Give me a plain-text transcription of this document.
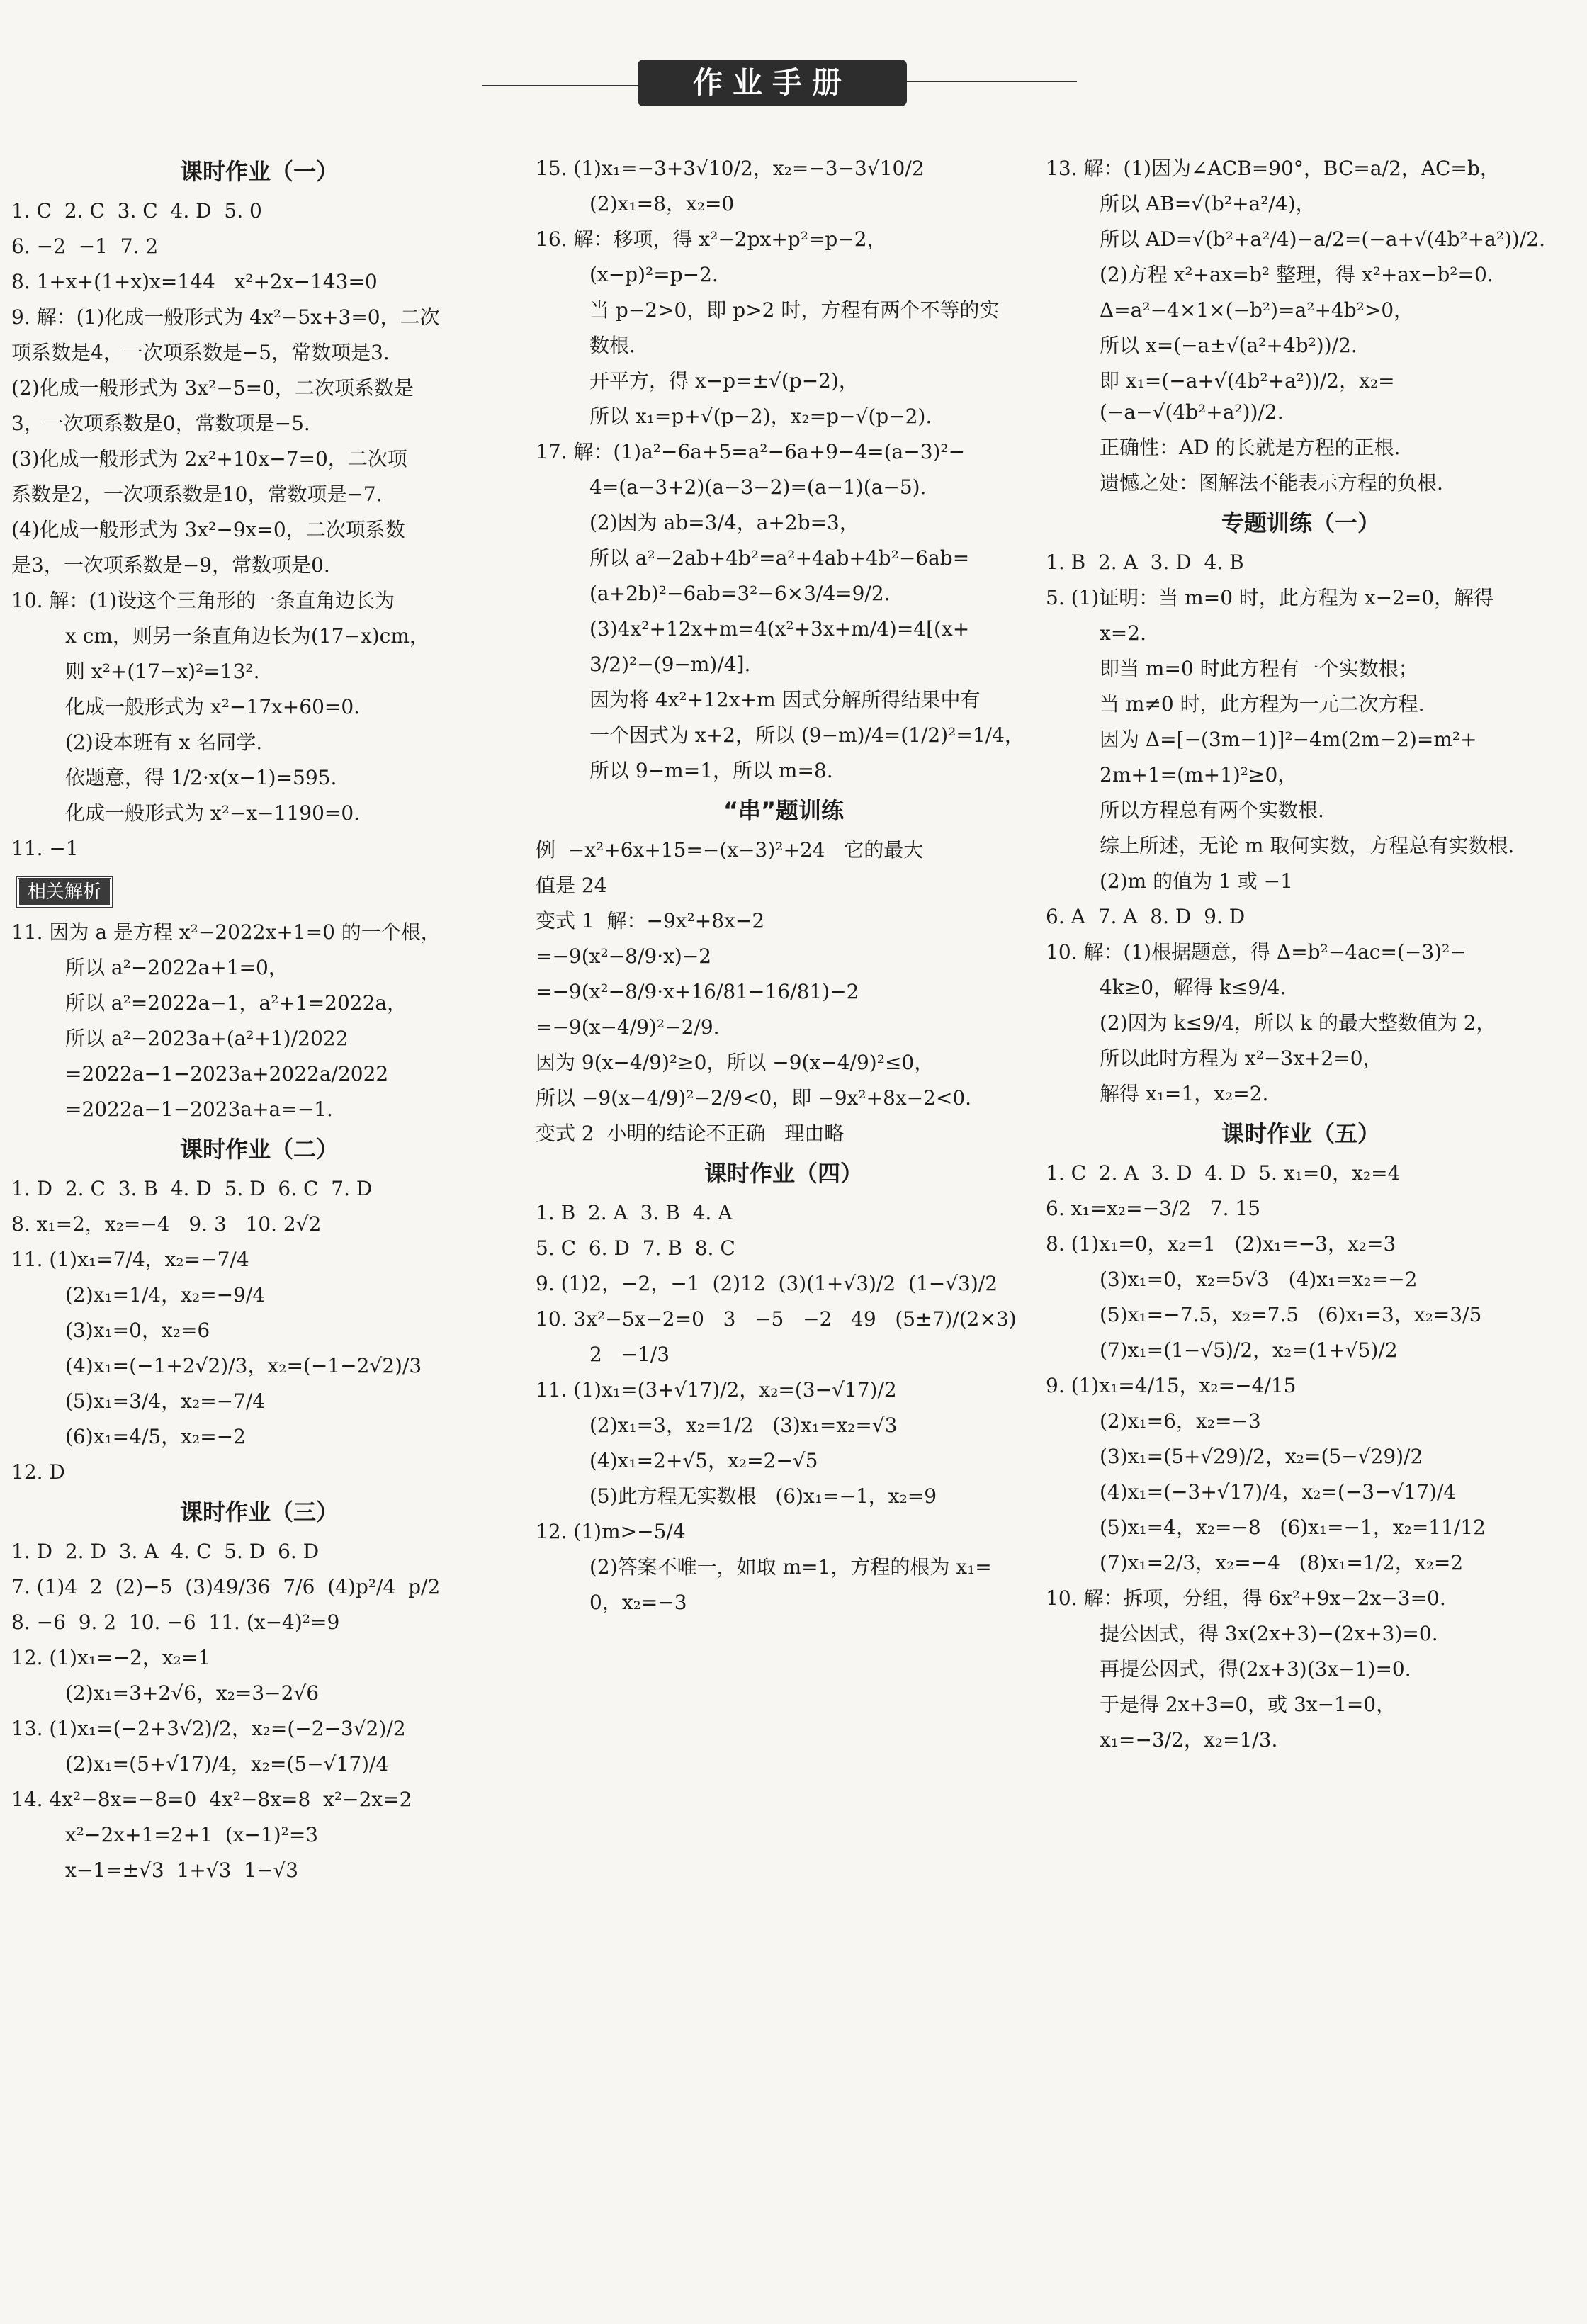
作业手册
课时作业（一）
1. C  2. C  3. C  4. D  5. 0
6. −2  −1  7. 2
8. 1+x+(1+x)x=144   x²+2x−143=0
9. 解：(1)化成一般形式为 4x²−5x+3=0，二次
项系数是4，一次项系数是−5，常数项是3.
(2)化成一般形式为 3x²−5=0，二次项系数是
3，一次项系数是0，常数项是−5.
(3)化成一般形式为 2x²+10x−7=0，二次项
系数是2，一次项系数是10，常数项是−7.
(4)化成一般形式为 3x²−9x=0，二次项系数
是3，一次项系数是−9，常数项是0.
10. 解：(1)设这个三角形的一条直角边长为
x cm，则另一条直角边长为(17−x)cm，
则 x²+(17−x)²=13².
化成一般形式为 x²−17x+60=0.
(2)设本班有 x 名同学.
依题意，得 1/2·x(x−1)=595.
化成一般形式为 x²−x−1190=0.
11. −1
相关解析
11. 因为 a 是方程 x²−2022x+1=0 的一个根，
所以 a²−2022a+1=0，
所以 a²=2022a−1，a²+1=2022a，
所以 a²−2023a+(a²+1)/2022
=2022a−1−2023a+2022a/2022
=2022a−1−2023a+a=−1.
课时作业（二）
1. D  2. C  3. B  4. D  5. D  6. C  7. D
8. x₁=2，x₂=−4   9. 3   10. 2√2
11. (1)x₁=7/4，x₂=−7/4
(2)x₁=1/4，x₂=−9/4
(3)x₁=0，x₂=6
(4)x₁=(−1+2√2)/3，x₂=(−1−2√2)/3
(5)x₁=3/4，x₂=−7/4
(6)x₁=4/5，x₂=−2
12. D
课时作业（三）
1. D  2. D  3. A  4. C  5. D  6. D
7. (1)4  2  (2)−5  (3)49/36  7/6  (4)p²/4  p/2
8. −6  9. 2  10. −6  11. (x−4)²=9
12. (1)x₁=−2，x₂=1
(2)x₁=3+2√6，x₂=3−2√6
13. (1)x₁=(−2+3√2)/2，x₂=(−2−3√2)/2
(2)x₁=(5+√17)/4，x₂=(5−√17)/4
14. 4x²−8x=−8=0  4x²−8x=8  x²−2x=2
x²−2x+1=2+1  (x−1)²=3
x−1=±√3  1+√3  1−√3
15. (1)x₁=−3+3√10/2，x₂=−3−3√10/2
(2)x₁=8，x₂=0
16. 解：移项，得 x²−2px+p²=p−2，
(x−p)²=p−2.
当 p−2>0，即 p>2 时，方程有两个不等的实
数根.
开平方，得 x−p=±√(p−2)，
所以 x₁=p+√(p−2)，x₂=p−√(p−2).
17. 解：(1)a²−6a+5=a²−6a+9−4=(a−3)²−
4=(a−3+2)(a−3−2)=(a−1)(a−5).
(2)因为 ab=3/4，a+2b=3，
所以 a²−2ab+4b²=a²+4ab+4b²−6ab=
(a+2b)²−6ab=3²−6×3/4=9/2.
(3)4x²+12x+m=4(x²+3x+m/4)=4[(x+
3/2)²−(9−m)/4].
因为将 4x²+12x+m 因式分解所得结果中有
一个因式为 x+2，所以 (9−m)/4=(1/2)²=1/4，
所以 9−m=1，所以 m=8.
“串”题训练
例  −x²+6x+15=−(x−3)²+24   它的最大
值是 24
变式 1  解：−9x²+8x−2
=−9(x²−8/9·x)−2
=−9(x²−8/9·x+16/81−16/81)−2
=−9(x−4/9)²−2/9.
因为 9(x−4/9)²≥0，所以 −9(x−4/9)²≤0，
所以 −9(x−4/9)²−2/9<0，即 −9x²+8x−2<0.
变式 2  小明的结论不正确   理由略
课时作业（四）
1. B  2. A  3. B  4. A
5. C  6. D  7. B  8. C
9. (1)2，−2，−1  (2)12  (3)(1+√3)/2  (1−√3)/2
10. 3x²−5x−2=0   3   −5   −2   49   (5±7)/(2×3)
2   −1/3
11. (1)x₁=(3+√17)/2，x₂=(3−√17)/2
(2)x₁=3，x₂=1/2   (3)x₁=x₂=√3
(4)x₁=2+√5，x₂=2−√5
(5)此方程无实数根   (6)x₁=−1，x₂=9
12. (1)m>−5/4
(2)答案不唯一，如取 m=1，方程的根为 x₁=
0，x₂=−3
13. 解：(1)因为∠ACB=90°，BC=a/2，AC=b，
所以 AB=√(b²+a²/4)，
所以 AD=√(b²+a²/4)−a/2=(−a+√(4b²+a²))/2.
(2)方程 x²+ax=b² 整理，得 x²+ax−b²=0.
Δ=a²−4×1×(−b²)=a²+4b²>0，
所以 x=(−a±√(a²+4b²))/2.
即 x₁=(−a+√(4b²+a²))/2，x₂=(−a−√(4b²+a²))/2.
正确性：AD 的长就是方程的正根.
遗憾之处：图解法不能表示方程的负根.
专题训练（一）
1. B  2. A  3. D  4. B
5. (1)证明：当 m=0 时，此方程为 x−2=0，解得
x=2.
即当 m=0 时此方程有一个实数根；
当 m≠0 时，此方程为一元二次方程.
因为 Δ=[−(3m−1)]²−4m(2m−2)=m²+
2m+1=(m+1)²≥0，
所以方程总有两个实数根.
综上所述，无论 m 取何实数，方程总有实数根.
(2)m 的值为 1 或 −1
6. A  7. A  8. D  9. D
10. 解：(1)根据题意，得 Δ=b²−4ac=(−3)²−
4k≥0，解得 k≤9/4.
(2)因为 k≤9/4，所以 k 的最大整数值为 2，
所以此时方程为 x²−3x+2=0，
解得 x₁=1，x₂=2.
课时作业（五）
1. C  2. A  3. D  4. D  5. x₁=0，x₂=4
6. x₁=x₂=−3/2   7. 15
8. (1)x₁=0，x₂=1   (2)x₁=−3，x₂=3
(3)x₁=0，x₂=5√3   (4)x₁=x₂=−2
(5)x₁=−7.5，x₂=7.5   (6)x₁=3，x₂=3/5
(7)x₁=(1−√5)/2，x₂=(1+√5)/2
9. (1)x₁=4/15，x₂=−4/15
(2)x₁=6，x₂=−3
(3)x₁=(5+√29)/2，x₂=(5−√29)/2
(4)x₁=(−3+√17)/4，x₂=(−3−√17)/4
(5)x₁=4，x₂=−8   (6)x₁=−1，x₂=11/12
(7)x₁=2/3，x₂=−4   (8)x₁=1/2，x₂=2
10. 解：拆项，分组，得 6x²+9x−2x−3=0.
提公因式，得 3x(2x+3)−(2x+3)=0.
再提公因式，得(2x+3)(3x−1)=0.
于是得 2x+3=0，或 3x−1=0，
x₁=−3/2，x₂=1/3.
